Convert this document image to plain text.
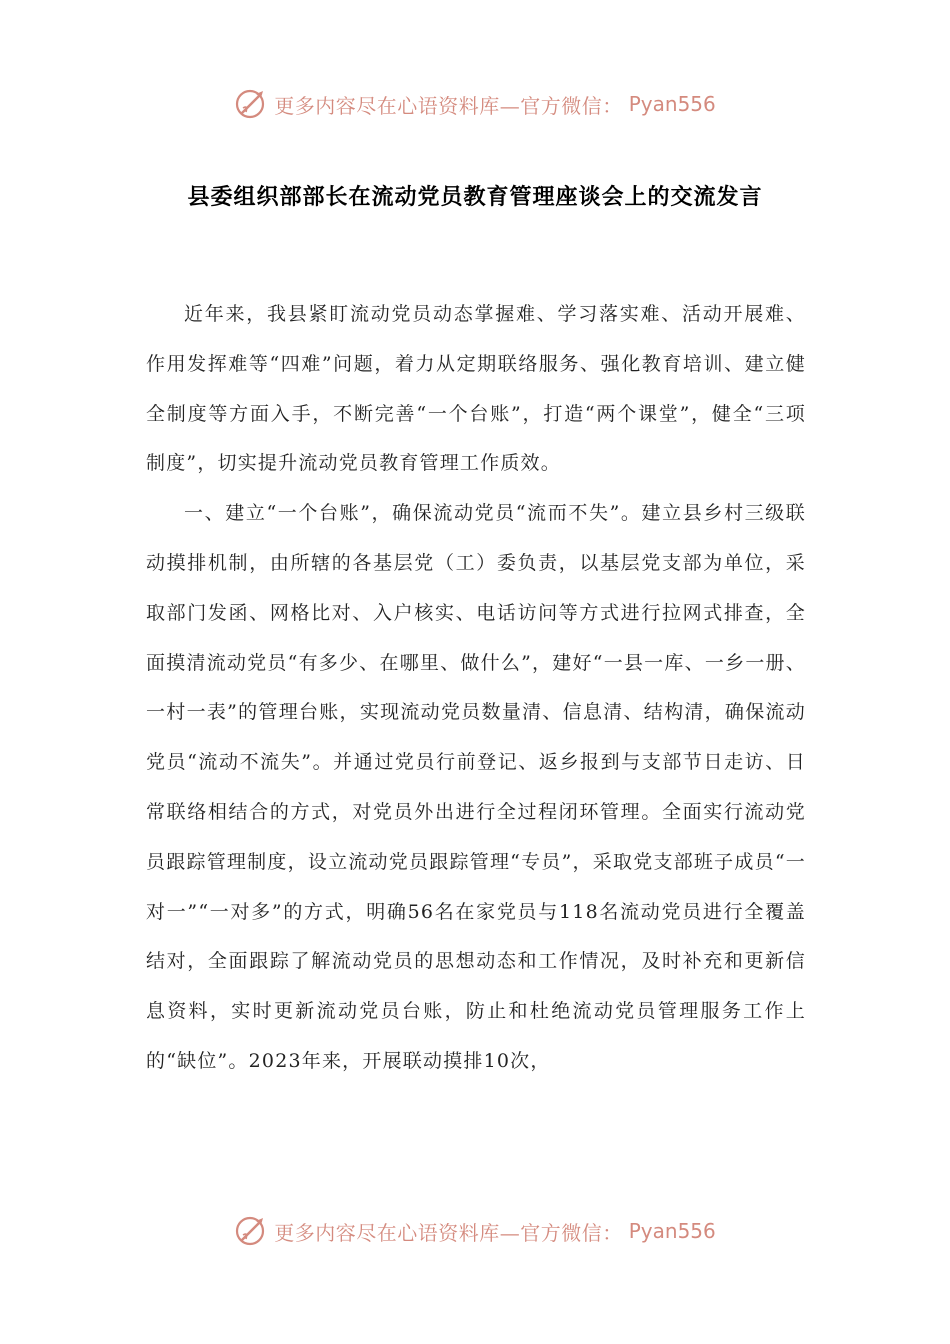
更多内容尽在心语资料库—官方微信： Pyan556
县委组织部部长在流动党员教育管理座谈会上的交流发言

近年来，我县紧盯流动党员动态掌握难、学习落实难、活动开展难、作用发挥难等“四难”问题，着力从定期联络服务、强化教育培训、建立健全制度等方面入手，不断完善“一个台账”，打造“两个课堂”，健全“三项制度”，切实提升流动党员教育管理工作质效。

一、建立“一个台账”，确保流动党员“流而不失”。建立县乡村三级联动摸排机制，由所辖的各基层党（工）委负责，以基层党支部为单位，采取部门发函、网格比对、入户核实、电话访问等方式进行拉网式排查，全面摸清流动党员“有多少、在哪里、做什么”，建好“一县一库、一乡一册、一村一表”的管理台账，实现流动党员数量清、信息清、结构清，确保流动党员“流动不流失”。并通过党员行前登记、返乡报到与支部节日走访、日常联络相结合的方式，对党员外出进行全过程闭环管理。全面实行流动党员跟踪管理制度，设立流动党员跟踪管理“专员”，采取党支部班子成员“一对一”“一对多”的方式，明确56名在家党员与118名流动党员进行全覆盖结对，全面跟踪了解流动党员的思想动态和工作情况，及时补充和更新信息资料，实时更新流动党员台账，防止和杜绝流动党员管理服务工作上的“缺位”。2023年来，开展联动摸排10次，

更多内容尽在心语资料库—官方微信： Pyan556
